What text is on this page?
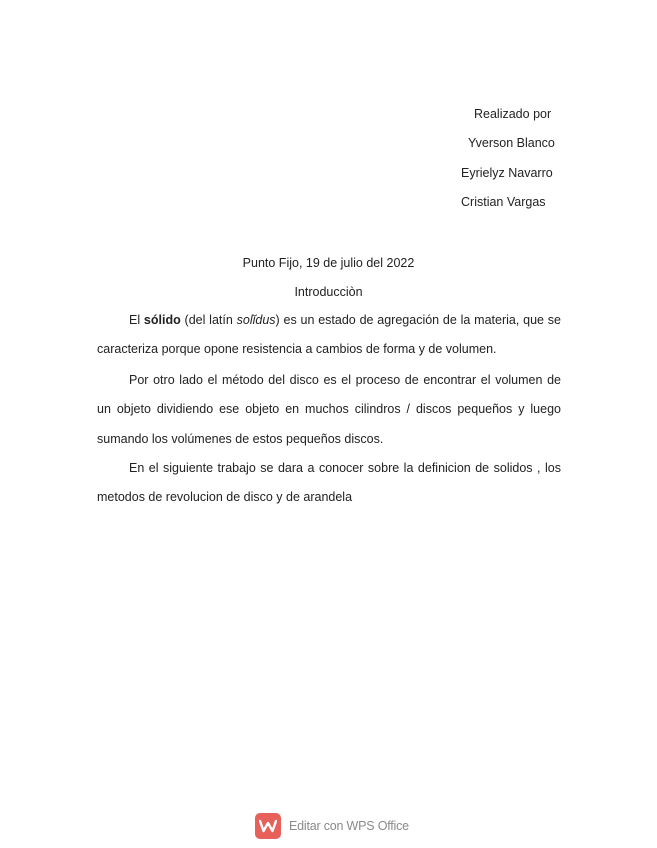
Realizado por
Yverson Blanco
Eyrielyz Navarro
Cristian Vargas
Punto Fijo, 19 de julio del 2022
Introducciòn

El sólido (del latín solĭdus) es un estado de agregación de la materia, que se caracteriza porque opone resistencia a cambios de forma y de volumen.

Por otro lado el método del disco es el proceso de encontrar el volumen de un objeto dividiendo ese objeto en muchos cilindros / discos pequeños y luego sumando los volúmenes de estos pequeños discos.

En el siguiente trabajo se dara a conocer sobre la definicion de solidos , los metodos de revolucion de disco y de arandela

Editar con WPS Office
